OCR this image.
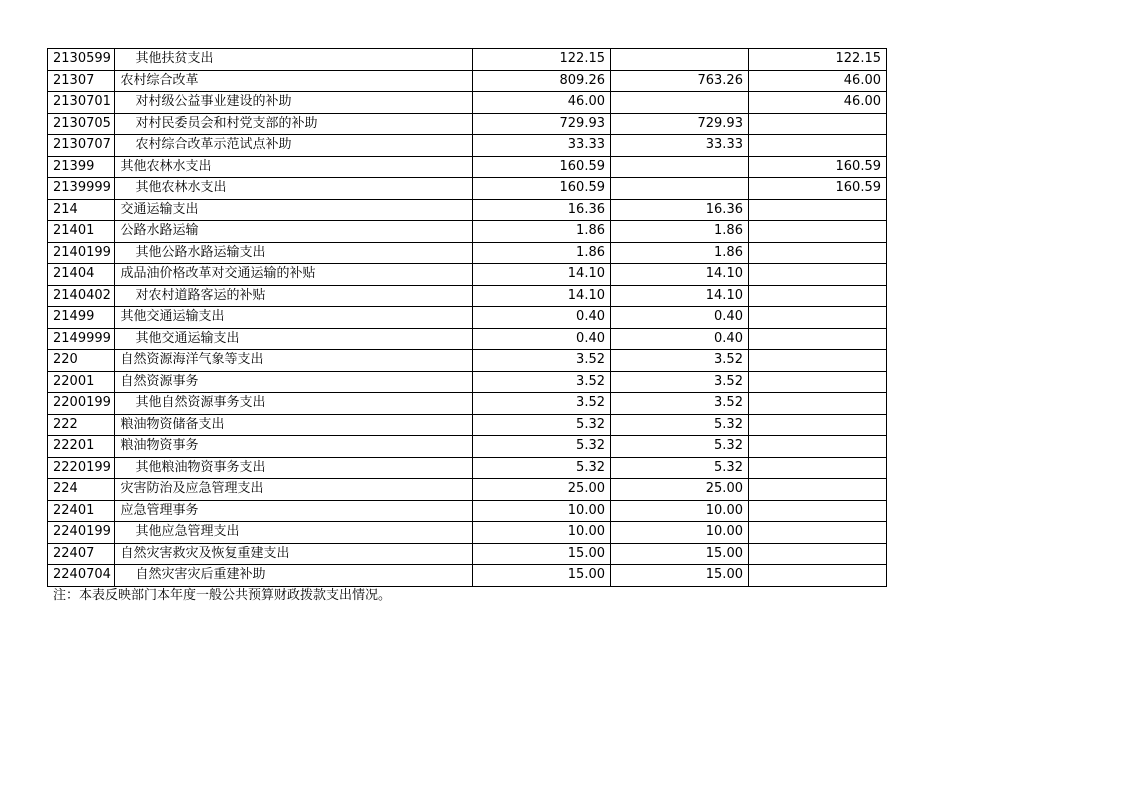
2130599	其他扶贫支出	122.15		122.15
21307	农村综合改革	809.26	763.26	46.00
2130701	对村级公益事业建设的补助	46.00		46.00
2130705	对村民委员会和村党支部的补助	729.93	729.93	
2130707	农村综合改革示范试点补助	33.33	33.33	
21399	其他农林水支出	160.59		160.59
2139999	其他农林水支出	160.59		160.59
214	交通运输支出	16.36	16.36	
21401	公路水路运输	1.86	1.86	
2140199	其他公路水路运输支出	1.86	1.86	
21404	成品油价格改革对交通运输的补贴	14.10	14.10	
2140402	对农村道路客运的补贴	14.10	14.10	
21499	其他交通运输支出	0.40	0.40	
2149999	其他交通运输支出	0.40	0.40	
220	自然资源海洋气象等支出	3.52	3.52	
22001	自然资源事务	3.52	3.52	
2200199	其他自然资源事务支出	3.52	3.52	
222	粮油物资储备支出	5.32	5.32	
22201	粮油物资事务	5.32	5.32	
2220199	其他粮油物资事务支出	5.32	5.32	
224	灾害防治及应急管理支出	25.00	25.00	
22401	应急管理事务	10.00	10.00	
2240199	其他应急管理支出	10.00	10.00	
22407	自然灾害救灾及恢复重建支出	15.00	15.00	
2240704	自然灾害灾后重建补助	15.00	15.00	
注：本表反映部门本年度一般公共预算财政拨款支出情况。
